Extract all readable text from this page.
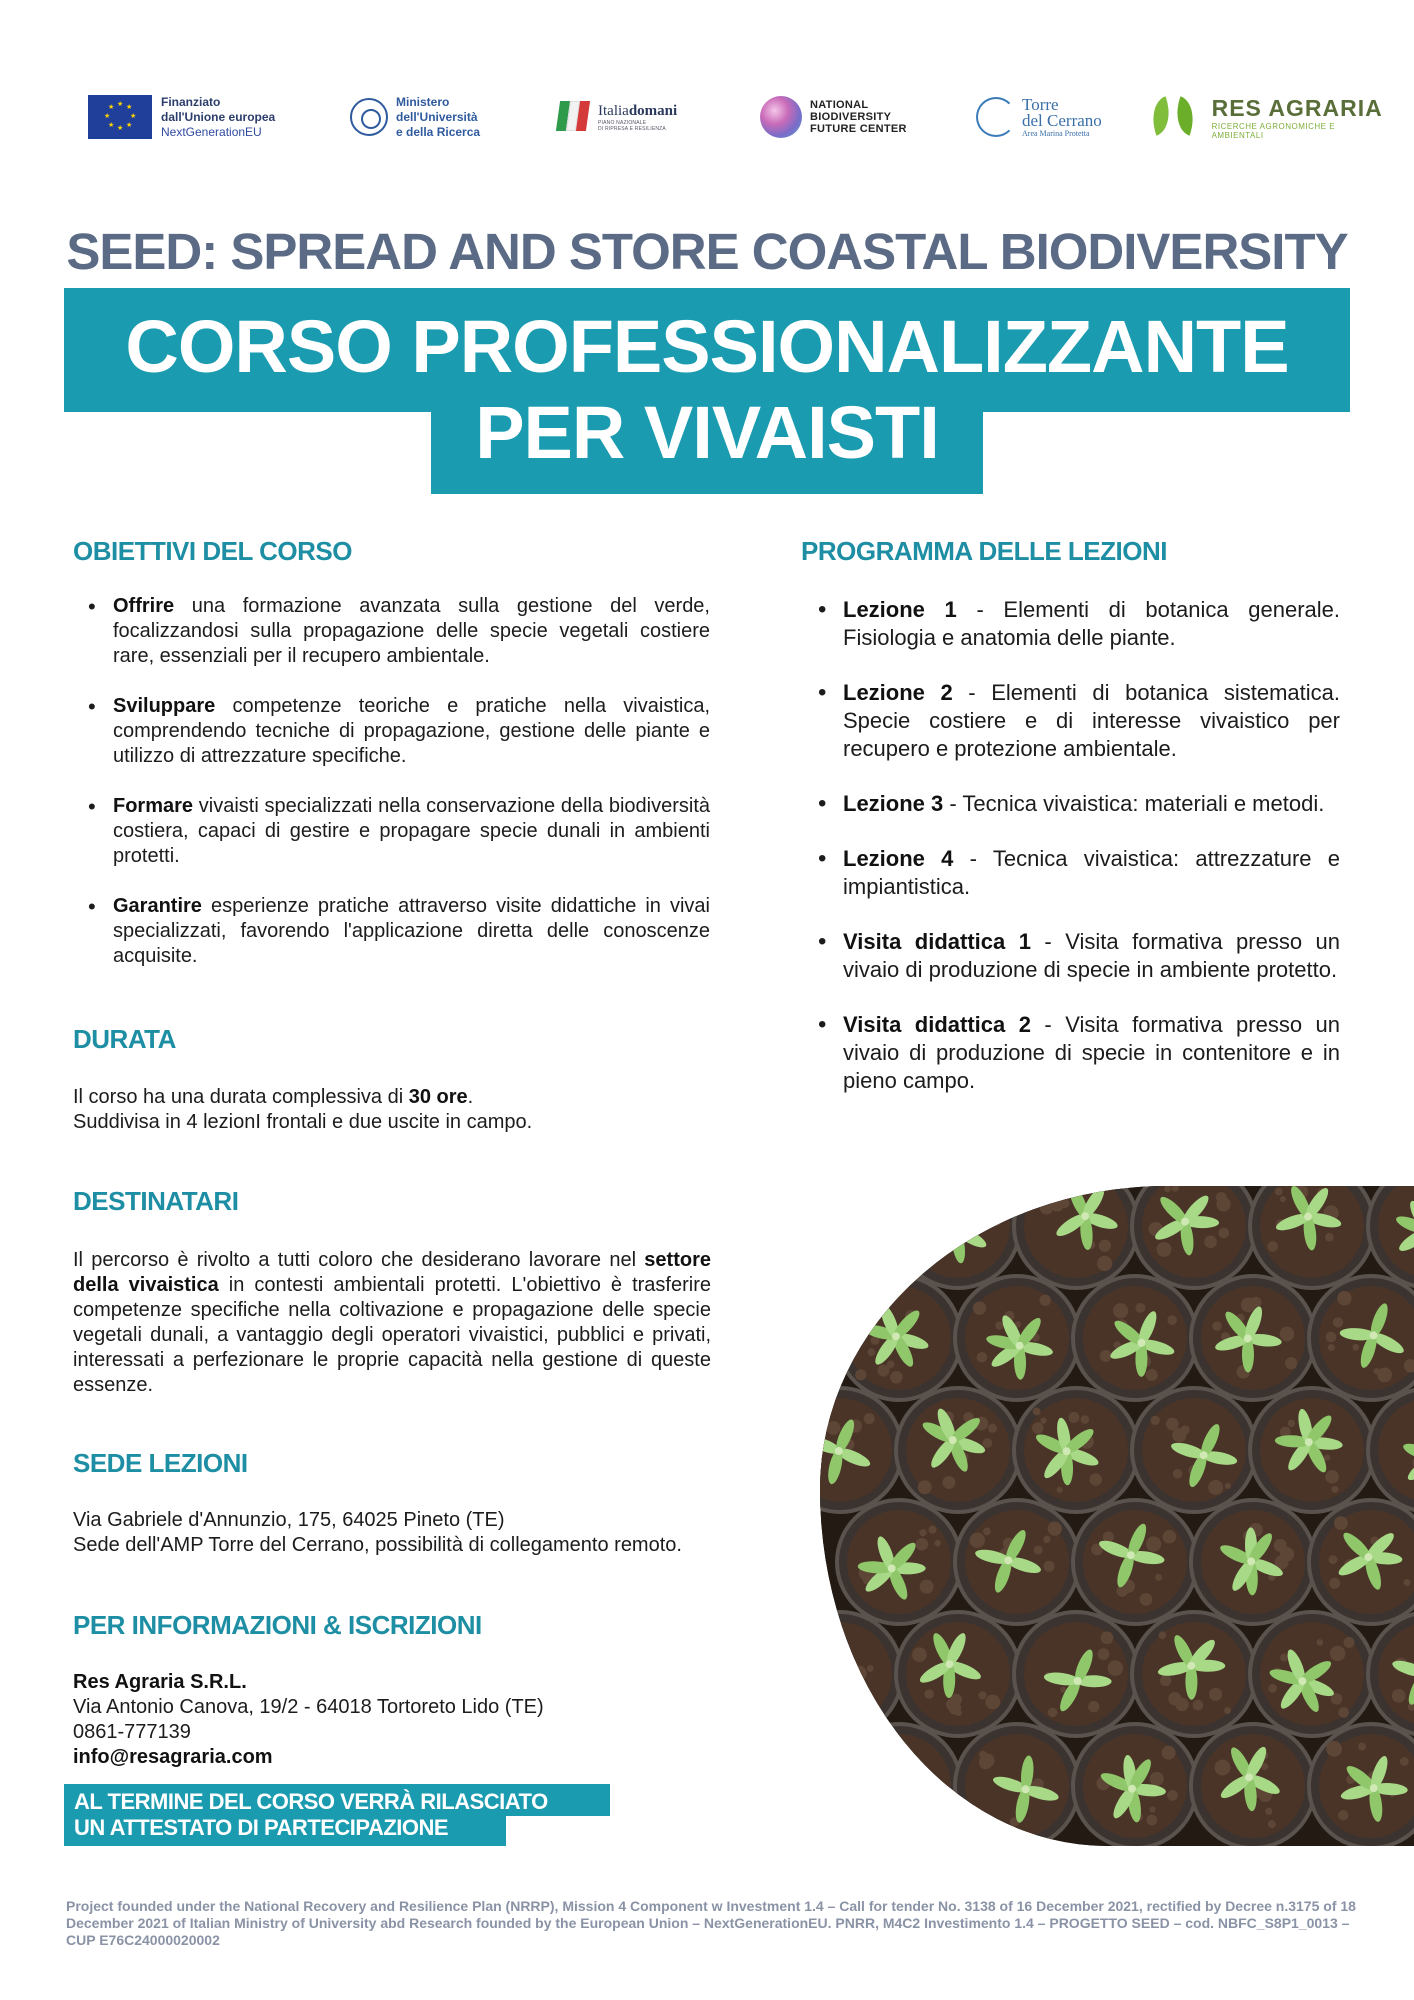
★ ★
★
★
★
★
★
★	Finanziato
dall'Unione europea
NextGenerationEU
Ministero
dell'Università
e della Ricerca
Italiadomani
PIANO NAZIONALE
DI RIPRESA E RESILIENZA
NATIONAL
BIODIVERSITY
FUTURE CENTER
Torre
del Cerrano
Area Marina Protetta
RES AGRARIA
RICERCHE AGRONOMICHE E AMBIENTALI
SEED: SPREAD AND STORE COASTAL BIODIVERSITY
CORSO PROFESSIONALIZZANTE
PER VIVAISTI
OBIETTIVI DEL CORSO
• Offrire una formazione avanzata sulla gestione del verde, focalizzandosi sulla propagazione delle specie vegetali costiere rare, essenziali per il recupero ambientale.
• Sviluppare competenze teoriche e pratiche nella vivaistica, comprendendo tecniche di propagazione, gestione delle piante e utilizzo di attrezzature specifiche.
• Formare vivaisti specializzati nella conservazione della biodiversità costiera, capaci di gestire e propagare specie dunali in ambienti protetti.
• Garantire esperienze pratiche attraverso visite didattiche in vivai specializzati, favorendo l'applicazione diretta delle conoscenze acquisite.
DURATA
Il corso ha una durata complessiva di 30 ore.
Suddivisa in 4 lezionI frontali e due uscite in campo.
DESTINATARI
Il percorso è rivolto a tutti coloro che desiderano lavorare nel settore della vivaistica in contesti ambientali protetti. L'obiettivo è trasferire competenze specifiche nella coltivazione e propagazione delle specie vegetali dunali, a vantaggio degli operatori vivaistici, pubblici e privati, interessati a perfezionare le proprie capacità nella gestione di queste essenze.
SEDE LEZIONI
Via Gabriele d'Annunzio, 175, 64025 Pineto (TE)
Sede dell'AMP Torre del Cerrano, possibilità di collegamento remoto.
PER INFORMAZIONI & ISCRIZIONI
Res Agraria S.R.L.
Via Antonio Canova, 19/2 - 64018 Tortoreto Lido (TE)
0861-777139
info@resagraria.com
AL TERMINE DEL CORSO VERRÀ RILASCIATO
UN ATTESTATO DI PARTECIPAZIONE
PROGRAMMA DELLE LEZIONI
• Lezione 1 - Elementi di botanica generale. Fisiologia e anatomia delle piante.
• Lezione 2 - Elementi di botanica sistematica. Specie costiere e di interesse vivaistico per recupero e protezione ambientale.
• Lezione 3 - Tecnica vivaistica: materiali e metodi.
• Lezione 4 - Tecnica vivaistica: attrezzature e impiantistica.
• Visita didattica 1 - Visita formativa presso un vivaio di produzione di specie in ambiente protetto.
• Visita didattica 2 - Visita formativa presso un vivaio di produzione di specie in contenitore e in pieno campo.
Project founded under the National Recovery and Resilience Plan (NRRP), Mission 4 Component w Investment 1.4 – Call for tender No. 3138 of 16 December 2021, rectified by Decree n.3175 of 18 December 2021 of Italian Ministry of University abd Research founded by the European Union – NextGenerationEU. PNRR, M4C2 Investimento 1.4 – PROGETTO SEED – cod. NBFC_S8P1_0013 – CUP E76C24000020002
